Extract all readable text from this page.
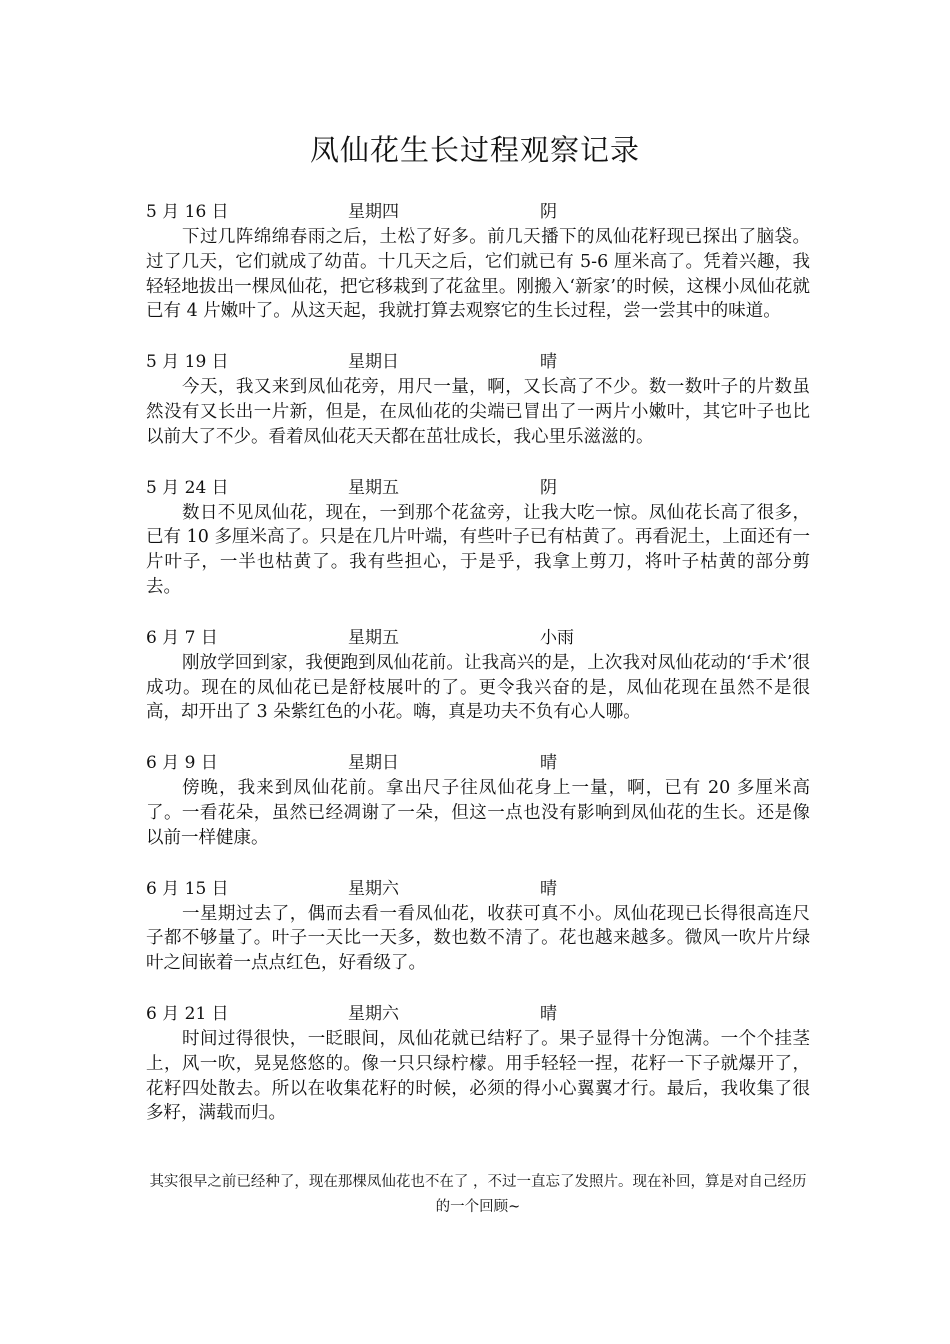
凤仙花生长过程观察记录
5 月 16 日	星期四	阴

下过几阵绵绵春雨之后，土松了好多。前几天播下的凤仙花籽现已探出了脑袋。过了几天，它们就成了幼苗。十几天之后，它们就已有 5-6 厘米高了。凭着兴趣，我轻轻地拔出一棵凤仙花，把它移栽到了花盆里。刚搬入‘新家’的时候，这棵小凤仙花就已有 4 片嫩叶了。从这天起，我就打算去观察它的生长过程，尝一尝其中的味道。

5 月 19 日	星期日	晴

今天，我又来到凤仙花旁，用尺一量，啊，又长高了不少。数一数叶子的片数虽然没有又长出一片新，但是，在凤仙花的尖端已冒出了一两片小嫩叶，其它叶子也比以前大了不少。看着凤仙花天天都在茁壮成长，我心里乐滋滋的。

5 月 24 日	星期五	阴

数日不见凤仙花，现在，一到那个花盆旁，让我大吃一惊。凤仙花长高了很多，已有 10 多厘米高了。只是在几片叶端，有些叶子已有枯黄了。再看泥土，上面还有一片叶子，一半也枯黄了。我有些担心，于是乎，我拿上剪刀，将叶子枯黄的部分剪去。

6 月 7 日	星期五	小雨

刚放学回到家，我便跑到凤仙花前。让我高兴的是，上次我对凤仙花动的‘手术’很成功。现在的凤仙花已是舒枝展叶的了。更令我兴奋的是，凤仙花现在虽然不是很高，却开出了 3 朵紫红色的小花。嗨，真是功夫不负有心人哪。

6 月 9 日	星期日	晴

傍晚，我来到凤仙花前。拿出尺子往凤仙花身上一量，啊，已有 20 多厘米高了。一看花朵，虽然已经凋谢了一朵，但这一点也没有影响到凤仙花的生长。还是像以前一样健康。

6 月 15 日	星期六	晴

一星期过去了，偶而去看一看凤仙花，收获可真不小。凤仙花现已长得很高连尺子都不够量了。叶子一天比一天多，数也数不清了。花也越来越多。微风一吹片片绿叶之间嵌着一点点红色，好看级了。

6 月 21 日	星期六	晴

时间过得很快，一眨眼间，凤仙花就已结籽了。果子显得十分饱满。一个个挂茎上，风一吹，晃晃悠悠的。像一只只绿柠檬。用手轻轻一捏，花籽一下子就爆开了，花籽四处散去。所以在收集花籽的时候，必须的得小心翼翼才行。最后，我收集了很多籽，满载而归。

其实很早之前已经种了，现在那棵凤仙花也不在了 ，不过一直忘了发照片。现在补回，算是对自己经历的一个回顾~
